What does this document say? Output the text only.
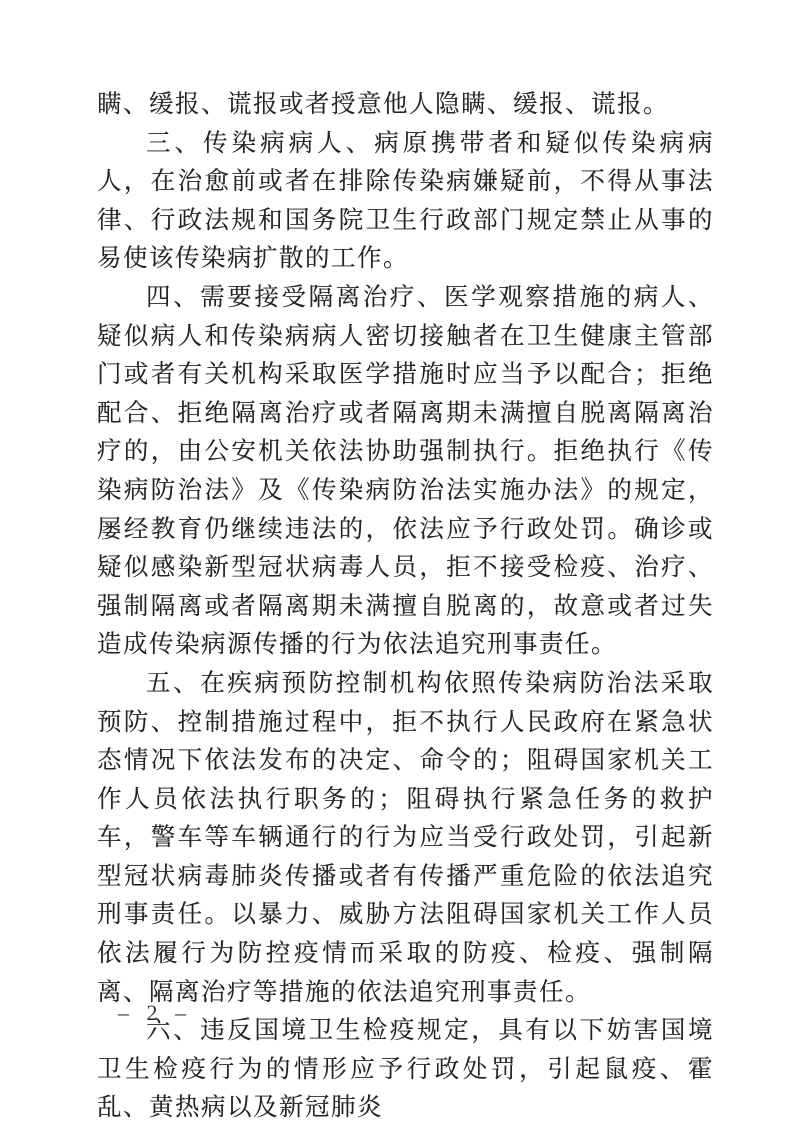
瞒、缓报、谎报或者授意他人隐瞒、缓报、谎报。

三、传染病病人、病原携带者和疑似传染病病人，在治愈前或者在排除传染病嫌疑前，不得从事法律、行政法规和国务院卫生行政部门规定禁止从事的易使该传染病扩散的工作。

四、需要接受隔离治疗、医学观察措施的病人、疑似病人和传染病病人密切接触者在卫生健康主管部门或者有关机构采取医学措施时应当予以配合；拒绝配合、拒绝隔离治疗或者隔离期未满擅自脱离隔离治疗的，由公安机关依法协助强制执行。拒绝执行《传染病防治法》及《传染病防治法实施办法》的规定，屡经教育仍继续违法的，依法应予行政处罚。确诊或疑似感染新型冠状病毒人员，拒不接受检疫、治疗、强制隔离或者隔离期未满擅自脱离的，故意或者过失造成传染病源传播的行为依法追究刑事责任。

五、在疾病预防控制机构依照传染病防治法采取预防、控制措施过程中，拒不执行人民政府在紧急状态情况下依法发布的决定、命令的；阻碍国家机关工作人员依法执行职务的；阻碍执行紧急任务的救护车，警车等车辆通行的行为应当受行政处罚，引起新型冠状病毒肺炎传播或者有传播严重危险的依法追究刑事责任。以暴力、威胁方法阻碍国家机关工作人员依法履行为防控疫情而采取的防疫、检疫、强制隔离、隔离治疗等措施的依法追究刑事责任。

六、违反国境卫生检疫规定，具有以下妨害国境卫生检疫行为的情形应予行政处罚，引起鼠疫、霍乱、黄热病以及新冠肺炎

– 2 –
